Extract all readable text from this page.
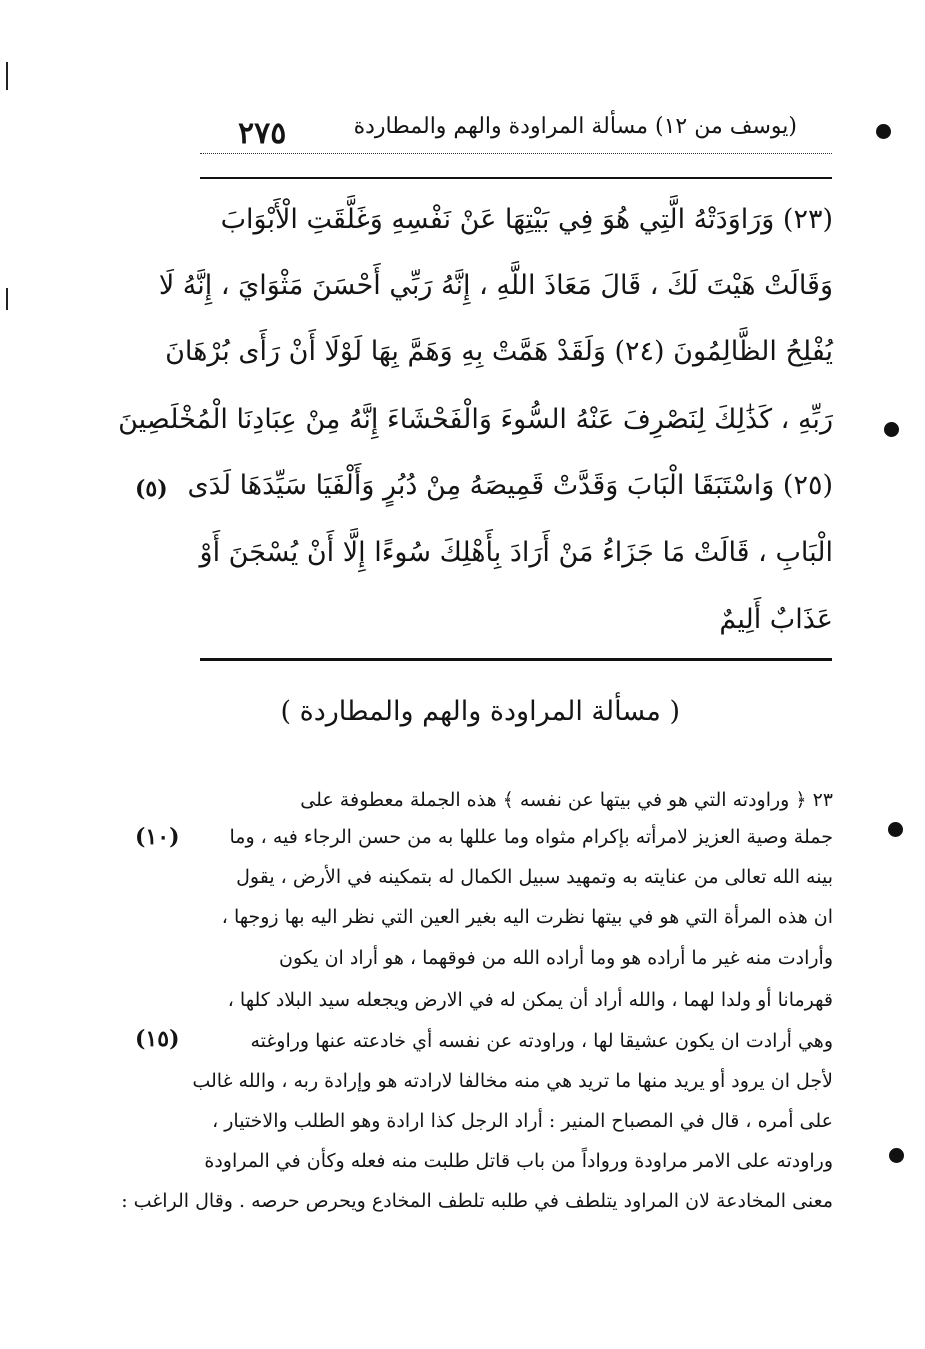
٢٧٥	(يوسف من ١٢) مسألة المراودة والهم والمطاردة
(٢٣) وَرَاوَدَتْهُ الَّتِي هُوَ فِي بَيْتِهَا عَنْ نَفْسِهِ وَغَلَّقَتِ الْأَبْوَابَ
وَقَالَتْ هَيْتَ لَكَ ، قَالَ مَعَاذَ اللَّهِ ، إِنَّهُ رَبِّي أَحْسَنَ مَثْوَايَ ، إِنَّهُ لَا
يُفْلِحُ الظَّالِمُونَ (٢٤) وَلَقَدْ هَمَّتْ بِهِ وَهَمَّ بِهَا لَوْلَا أَنْ رَأَى بُرْهَانَ
رَبِّهِ ، كَذَٰلِكَ لِنَصْرِفَ عَنْهُ السُّوءَ وَالْفَحْشَاءَ إِنَّهُ مِنْ عِبَادِنَا الْمُخْلَصِينَ
(٢٥) وَاسْتَبَقَا الْبَابَ وَقَدَّتْ قَمِيصَهُ مِنْ دُبُرٍ وَأَلْفَيَا سَيِّدَهَا لَدَى
الْبَابِ ، قَالَتْ مَا جَزَاءُ مَنْ أَرَادَ بِأَهْلِكَ سُوءًا إِلَّا أَنْ يُسْجَنَ أَوْ
عَذَابٌ أَلِيمٌ
( مسألة المراودة والهم والمطاردة )
٢٣ ﴿ وراودته التي هو في بيتها عن نفسه ﴾ هذه الجملة معطوفة على
جملة وصية العزيز لامرأته بإكرام مثواه وما عللها به من حسن الرجاء فيه ، وما
بينه الله تعالى من عنايته به وتمهيد سبيل الكمال له بتمكينه في الأرض ، يقول
ان هذه المرأة التي هو في بيتها نظرت اليه بغير العين التي نظر اليه بها زوجها ،
وأرادت منه غير ما أراده هو وما أراده الله من فوقهما ، هو أراد ان يكون
قهرمانا أو ولدا لهما ، والله أراد أن يمكن له في الارض ويجعله سيد البلاد كلها ،
وهي أرادت ان يكون عشيقا لها ، وراودته عن نفسه أي خادعته عنها وراوغته
لأجل ان يرود أو يريد منها ما تريد هي منه مخالفا لارادته هو وإرادة ربه ، والله غالب
على أمره ، قال في المصباح المنير : أراد الرجل كذا ارادة وهو الطلب والاختيار ،
وراودته على الامر مراودة ورواداً من باب قاتل طلبت منه فعله وكأن في المراودة
معنى المخادعة لان المراود يتلطف في طلبه تلطف المخادع ويحرص حرصه . وقال الراغب :
(٥)
(١٠)
(١٥)
